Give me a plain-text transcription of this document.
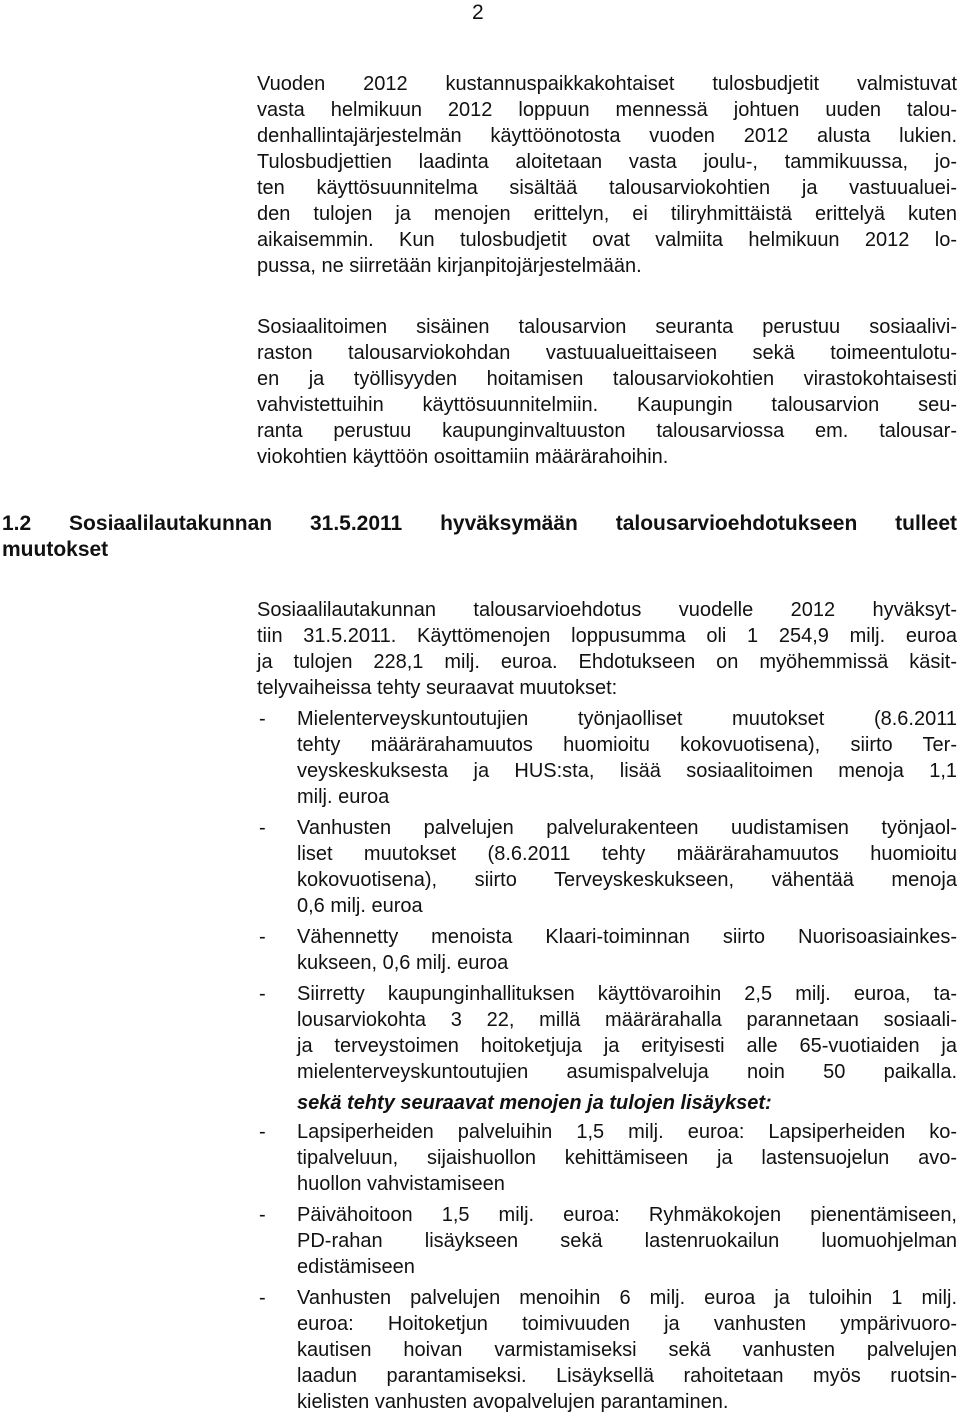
2
Vuoden 2012 kustannuspaikkakohtaiset tulosbudjetit valmistuvat
vasta helmikuun 2012 loppuun mennessä johtuen uuden talou-
denhallintajärjestelmän käyttöönotosta vuoden 2012 alusta lukien.
Tulosbudjettien laadinta aloitetaan vasta joulu-, tammikuussa, jo-
ten käyttösuunnitelma sisältää talousarviokohtien ja vastuualuei-
den tulojen ja menojen erittelyn, ei tiliryhmittäistä erittelyä kuten
aikaisemmin. Kun tulosbudjetit ovat valmiita helmikuun 2012 lo-
pussa, ne siirretään kirjanpitojärjestelmään.
Sosiaalitoimen sisäinen talousarvion seuranta perustuu sosiaalivi-
raston talousarviokohdan vastuualueittaiseen sekä toimeentulotu-
en ja työllisyyden hoitamisen talousarviokohtien virastokohtaisesti
vahvistettuihin käyttösuunnitelmiin. Kaupungin talousarvion seu-
ranta perustuu kaupunginvaltuuston talousarviossa em. talousar-
viokohtien käyttöön osoittamiin määrärahoihin.
1.2 Sosiaalilautakunnan 31.5.2011 hyväksymään talousarvioehdotukseen tulleet
muutokset
Sosiaalilautakunnan talousarvioehdotus vuodelle 2012 hyväksyt-
tiin 31.5.2011. Käyttömenojen loppusumma oli 1 254,9 milj. euroa
ja tulojen 228,1 milj. euroa. Ehdotukseen on myöhemmissä käsit-
telyvaiheissa tehty seuraavat muutokset:
- Mielenterveyskuntoutujien työnjaolliset muutokset (8.6.2011
tehty määrärahamuutos huomioitu kokovuotisena), siirto Ter-
veyskeskuksesta ja HUS:sta, lisää sosiaalitoimen menoja 1,1
milj. euroa
- Vanhusten palvelujen palvelurakenteen uudistamisen työnjaol-
liset muutokset (8.6.2011 tehty määrärahamuutos huomioitu
kokovuotisena), siirto Terveyskeskukseen, vähentää menoja
0,6 milj. euroa
- Vähennetty menoista Klaari-toiminnan siirto Nuorisoasiainkes-
kukseen, 0,6 milj. euroa
- Siirretty kaupunginhallituksen käyttövaroihin 2,5 milj. euroa, ta-
lousarviokohta 3 22, millä määrärahalla parannetaan sosiaali-
ja terveystoimen hoitoketjuja ja erityisesti alle 65-vuotiaiden ja
mielenterveyskuntoutujien asumispalveluja noin 50 paikalla.
sekä tehty seuraavat menojen ja tulojen lisäykset:
- Lapsiperheiden palveluihin 1,5 milj. euroa: Lapsiperheiden ko-
tipalveluun, sijaishuollon kehittämiseen ja lastensuojelun avo-
huollon vahvistamiseen
- Päivähoitoon 1,5 milj. euroa: Ryhmäkokojen pienentämiseen,
PD-rahan lisäykseen sekä lastenruokailun luomuohjelman
edistämiseen
- Vanhusten palvelujen menoihin 6 milj. euroa ja tuloihin 1 milj.
euroa: Hoitoketjun toimivuuden ja vanhusten ympärivuoro-
kautisen hoivan varmistamiseksi sekä vanhusten palvelujen
laadun parantamiseksi. Lisäyksellä rahoitetaan myös ruotsin-
kielisten vanhusten avopalvelujen parantaminen.
